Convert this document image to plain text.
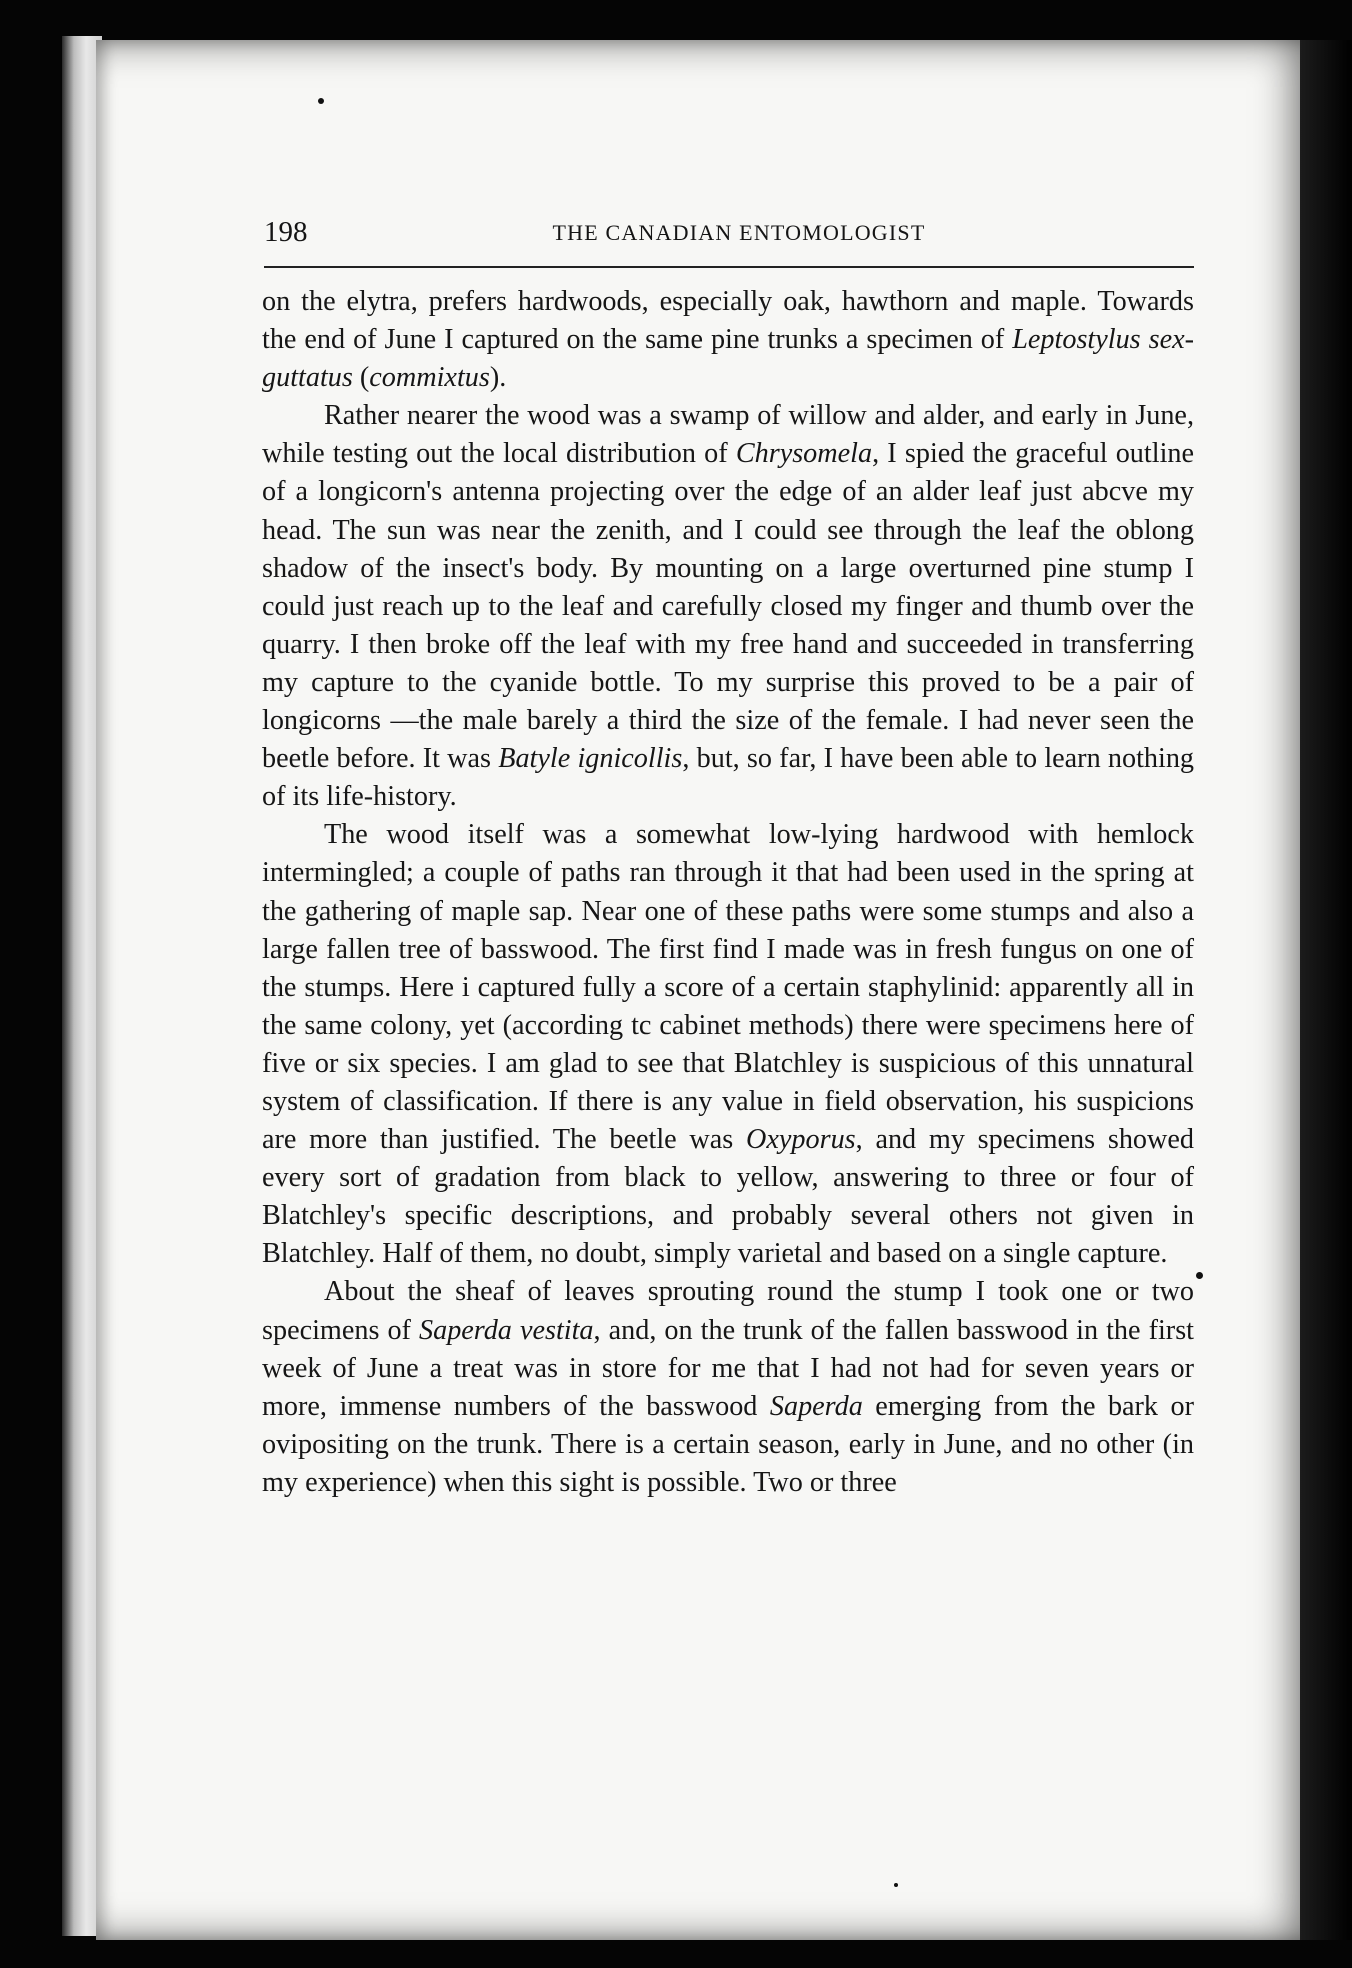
198	THE CANADIAN ENTOMOLOGIST

on the elytra, prefers hardwoods, especially oak, hawthorn and maple. Towards the end of June I captured on the same pine trunks a specimen of Leptostylus sex-guttatus (commixtus).

Rather nearer the wood was a swamp of willow and alder, and early in June, while testing out the local distribution of Chrysomela, I spied the graceful outline of a longicorn's antenna projecting over the edge of an alder leaf just abcve my head. The sun was near the zenith, and I could see through the leaf the oblong shadow of the insect's body. By mounting on a large overturned pine stump I could just reach up to the leaf and carefully closed my finger and thumb over the quarry. I then broke off the leaf with my free hand and succeeded in transferring my capture to the cyanide bottle. To my surprise this proved to be a pair of longicorns —the male barely a third the size of the female. I had never seen the beetle before. It was Batyle ignicollis, but, so far, I have been able to learn nothing of its life-history.

The wood itself was a somewhat low-lying hardwood with hemlock intermingled; a couple of paths ran through it that had been used in the spring at the gathering of maple sap. Near one of these paths were some stumps and also a large fallen tree of basswood. The first find I made was in fresh fungus on one of the stumps. Here i captured fully a score of a certain staphylinid: apparently all in the same colony, yet (according tc cabinet methods) there were specimens here of five or six species. I am glad to see that Blatchley is suspicious of this unnatural system of classification. If there is any value in field observation, his suspicions are more than justified. The beetle was Oxyporus, and my specimens showed every sort of gradation from black to yellow, answering to three or four of Blatchley's specific descriptions, and probably several others not given in Blatchley. Half of them, no doubt, simply varietal and based on a single capture.

About the sheaf of leaves sprouting round the stump I took one or two specimens of Saperda vestita, and, on the trunk of the fallen basswood in the first week of June a treat was in store for me that I had not had for seven years or more, immense numbers of the basswood Saperda emerging from the bark or ovipositing on the trunk. There is a certain season, early in June, and no other (in my experience) when this sight is possible. Two or three
